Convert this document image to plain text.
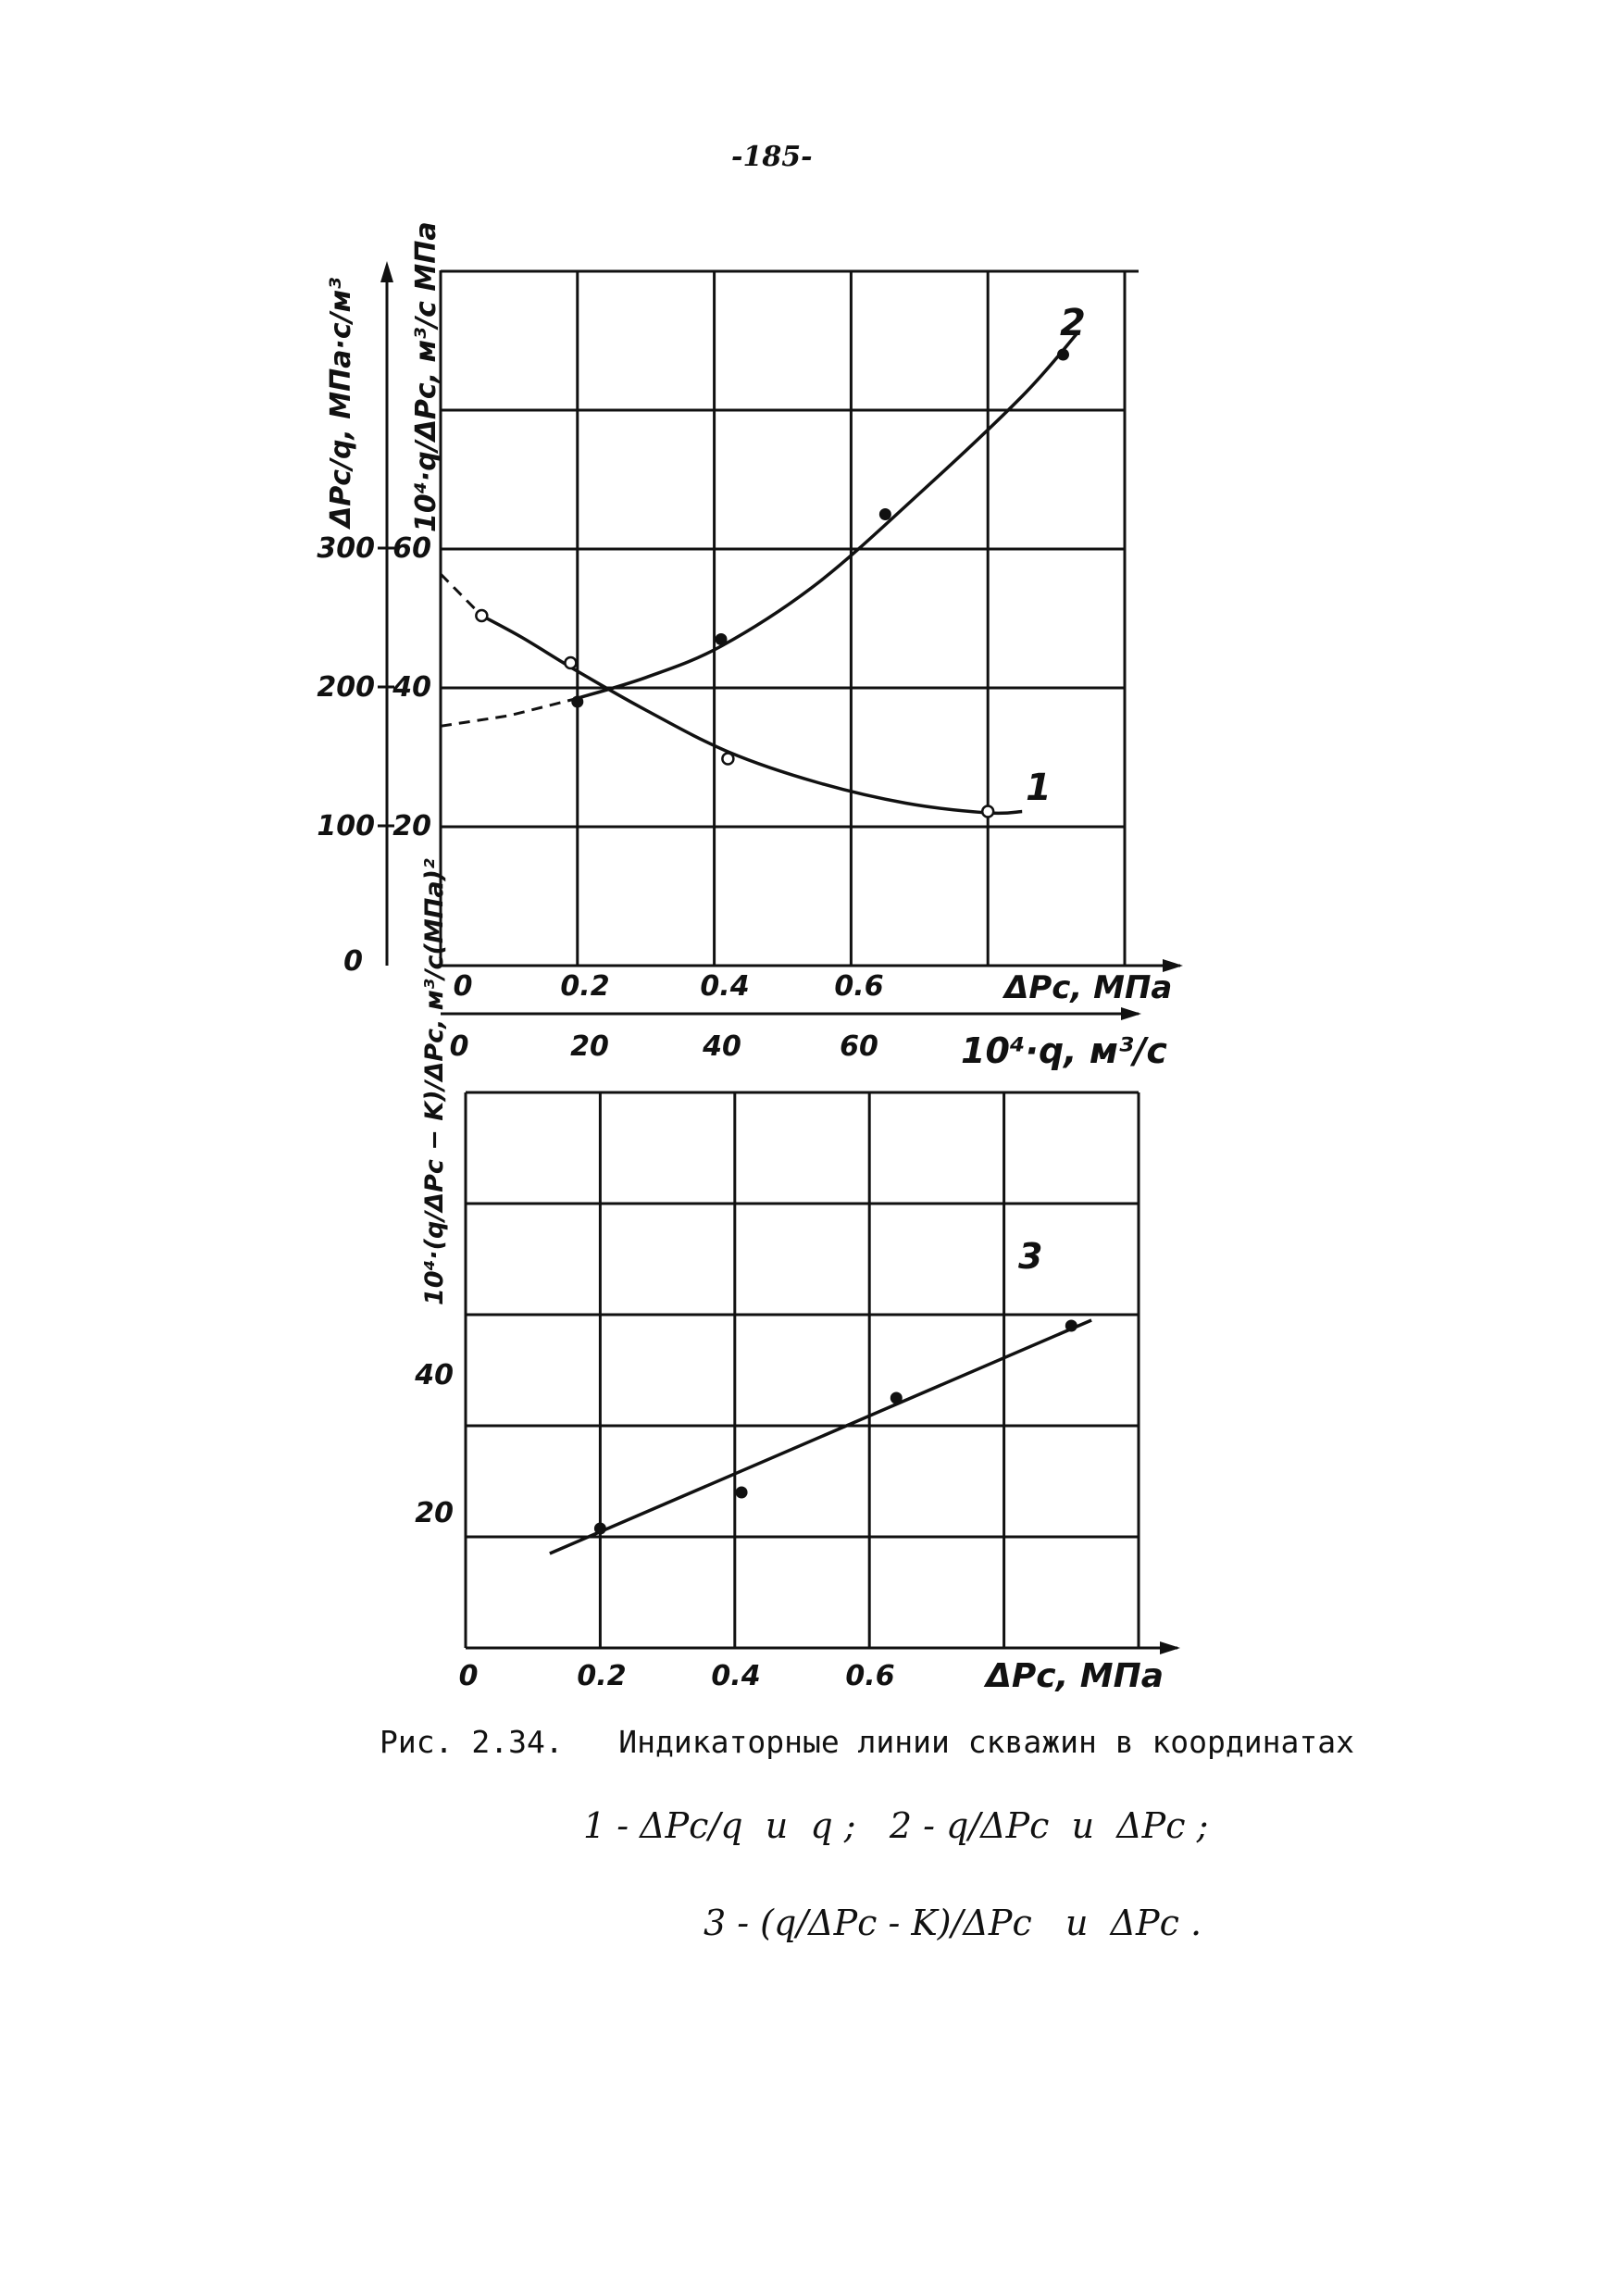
-185-
0
100
200
300
20
40
60
0	0.2	0.4	0.6	ΔPc, МПа
0	20	40	60 10⁴·q, м³/с
ΔPc/q, МПа·с/м³ 10⁴·q/ΔPc, м³/с МПа
1
2
20
40
0	0.2	0.4	0.6	ΔPc, МПа
10⁴·(q/ΔPc − K)/ΔPc, м³/с(МПа)²	3
Рис. 2.34.   Индикаторные линии скважин в координатах
1 - ΔPc/q  и  q ;   2 - q/ΔPc  и  ΔPc ;
3 - (q/ΔPc - K)/ΔPc   и  ΔPc .
